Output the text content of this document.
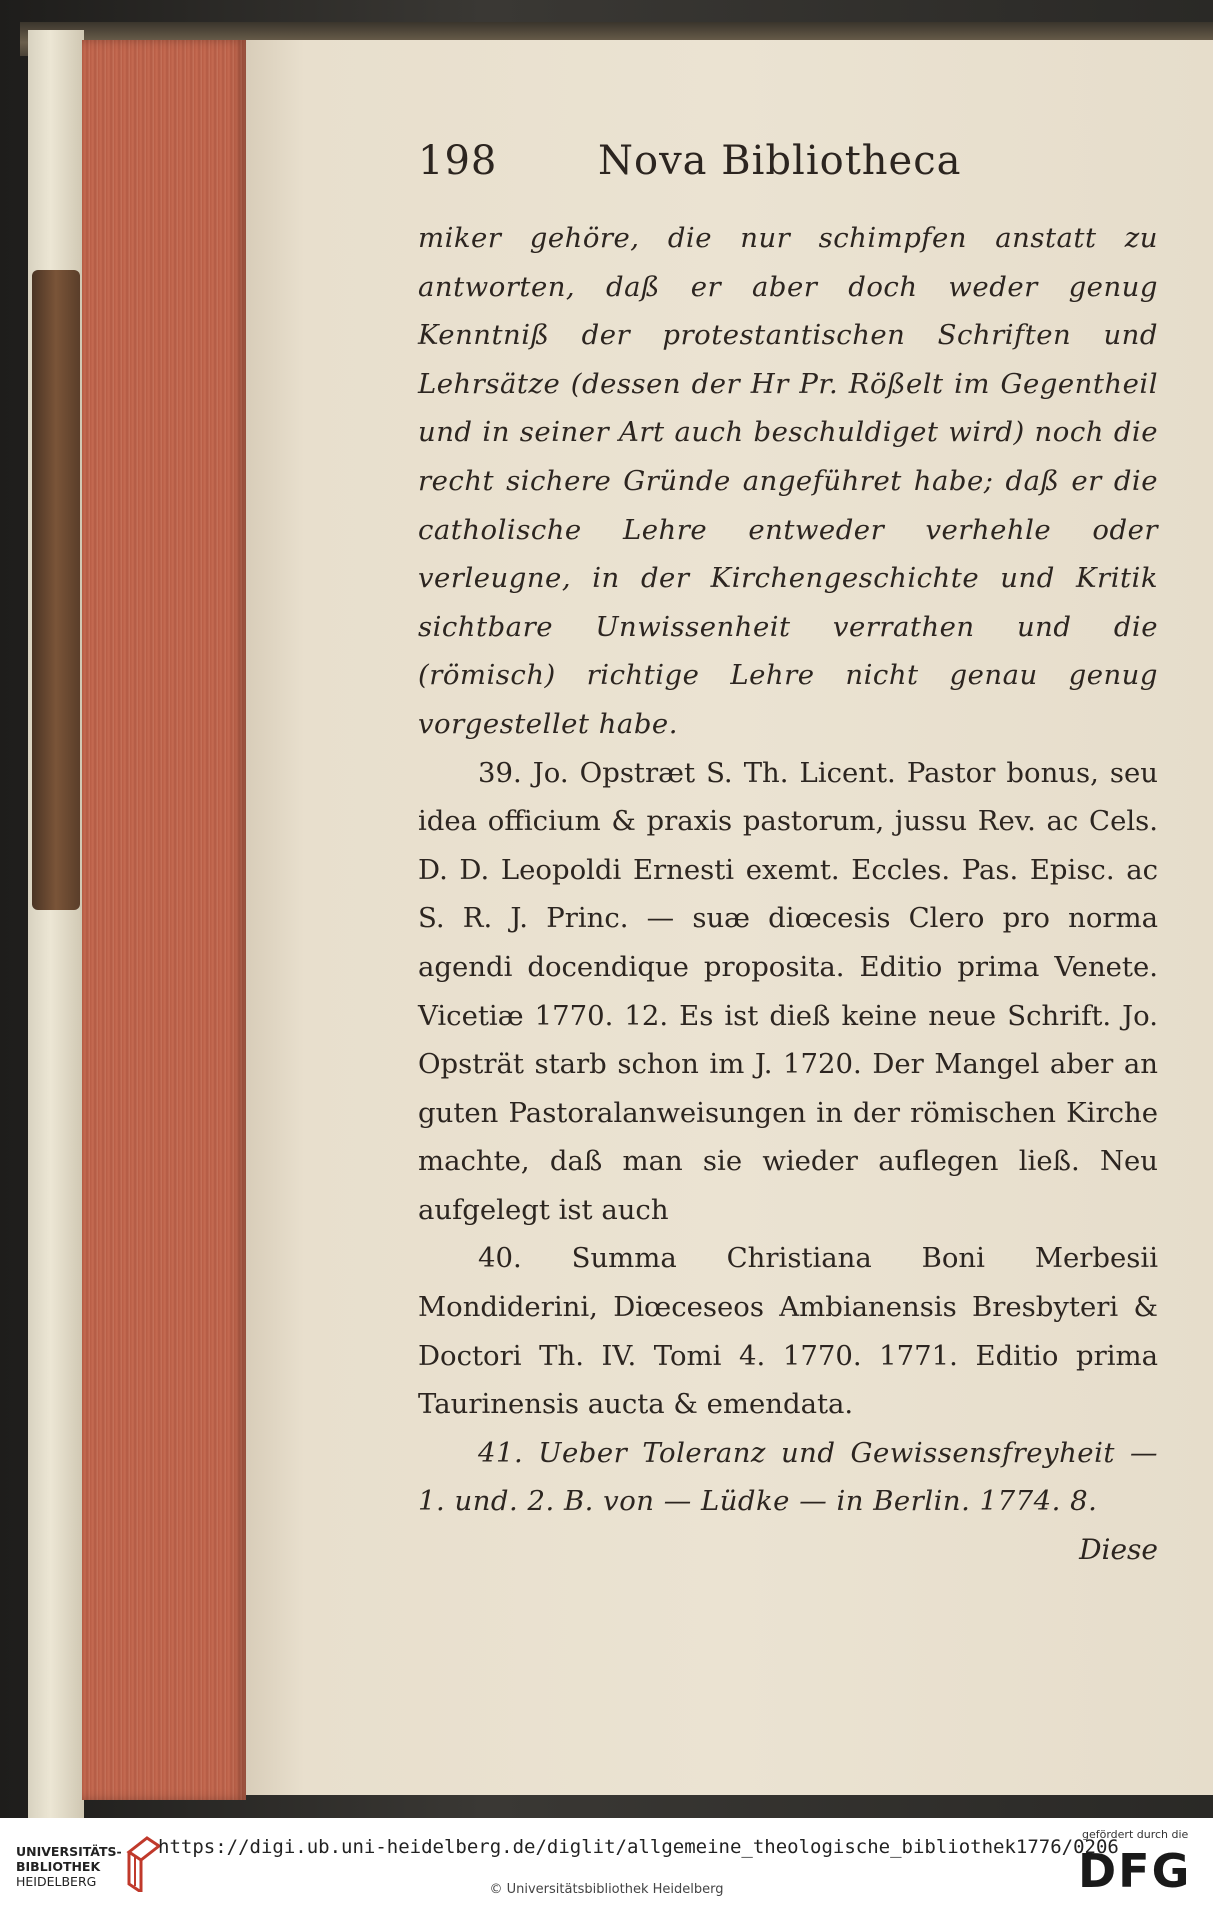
198	Nova Bibliotheca

miker gehöre, die nur schimpfen anstatt zu antworten, daß er aber doch weder genug Kenntniß der protestantischen Schriften und Lehrsätze (dessen der Hr Pr. Rößelt im Gegentheil und in seiner Art auch beschuldiget wird) noch die recht sichere Gründe angeführet habe; daß er die catholische Lehre entweder verhehle oder verleugne, in der Kirchengeschichte und Kritik sichtbare Unwissenheit verrathen und die (römisch) richtige Lehre nicht genau genug vorgestellet habe.

39. Jo. Opstræt S. Th. Licent. Pastor bonus, seu idea officium & praxis pastorum, jussu Rev. ac Cels. D. D. Leopoldi Ernesti exemt. Eccles. Pas. Episc. ac S. R. J. Princ. — suæ diœcesis Clero pro norma agendi docendique proposita. Editio prima Venete. Vicetiæ 1770. 12. Es ist dieß keine neue Schrift. Jo. Opsträt starb schon im J. 1720. Der Mangel aber an guten Pastoralanweisungen in der römischen Kirche machte, daß man sie wieder auflegen ließ. Neu aufgelegt ist auch

40. Summa Christiana Boni Merbesii Mondiderini, Diœceseos Ambianensis Bresbyteri & Doctori Th. IV. Tomi 4. 1770. 1771. Editio prima Taurinensis aucta & emendata.

41. Ueber Toleranz und Gewissensfreyheit — 1. und. 2. B. von — Lüdke — in Berlin. 1774. 8.

Diese
UNIVERSITÄTS-
BIBLIOTHEK
HEIDELBERG
https://digi.ub.uni-heidelberg.de/diglit/allgemeine_theologische_bibliothek1776/0206
© Universitätsbibliothek Heidelberg
gefördert durch die
DFG
